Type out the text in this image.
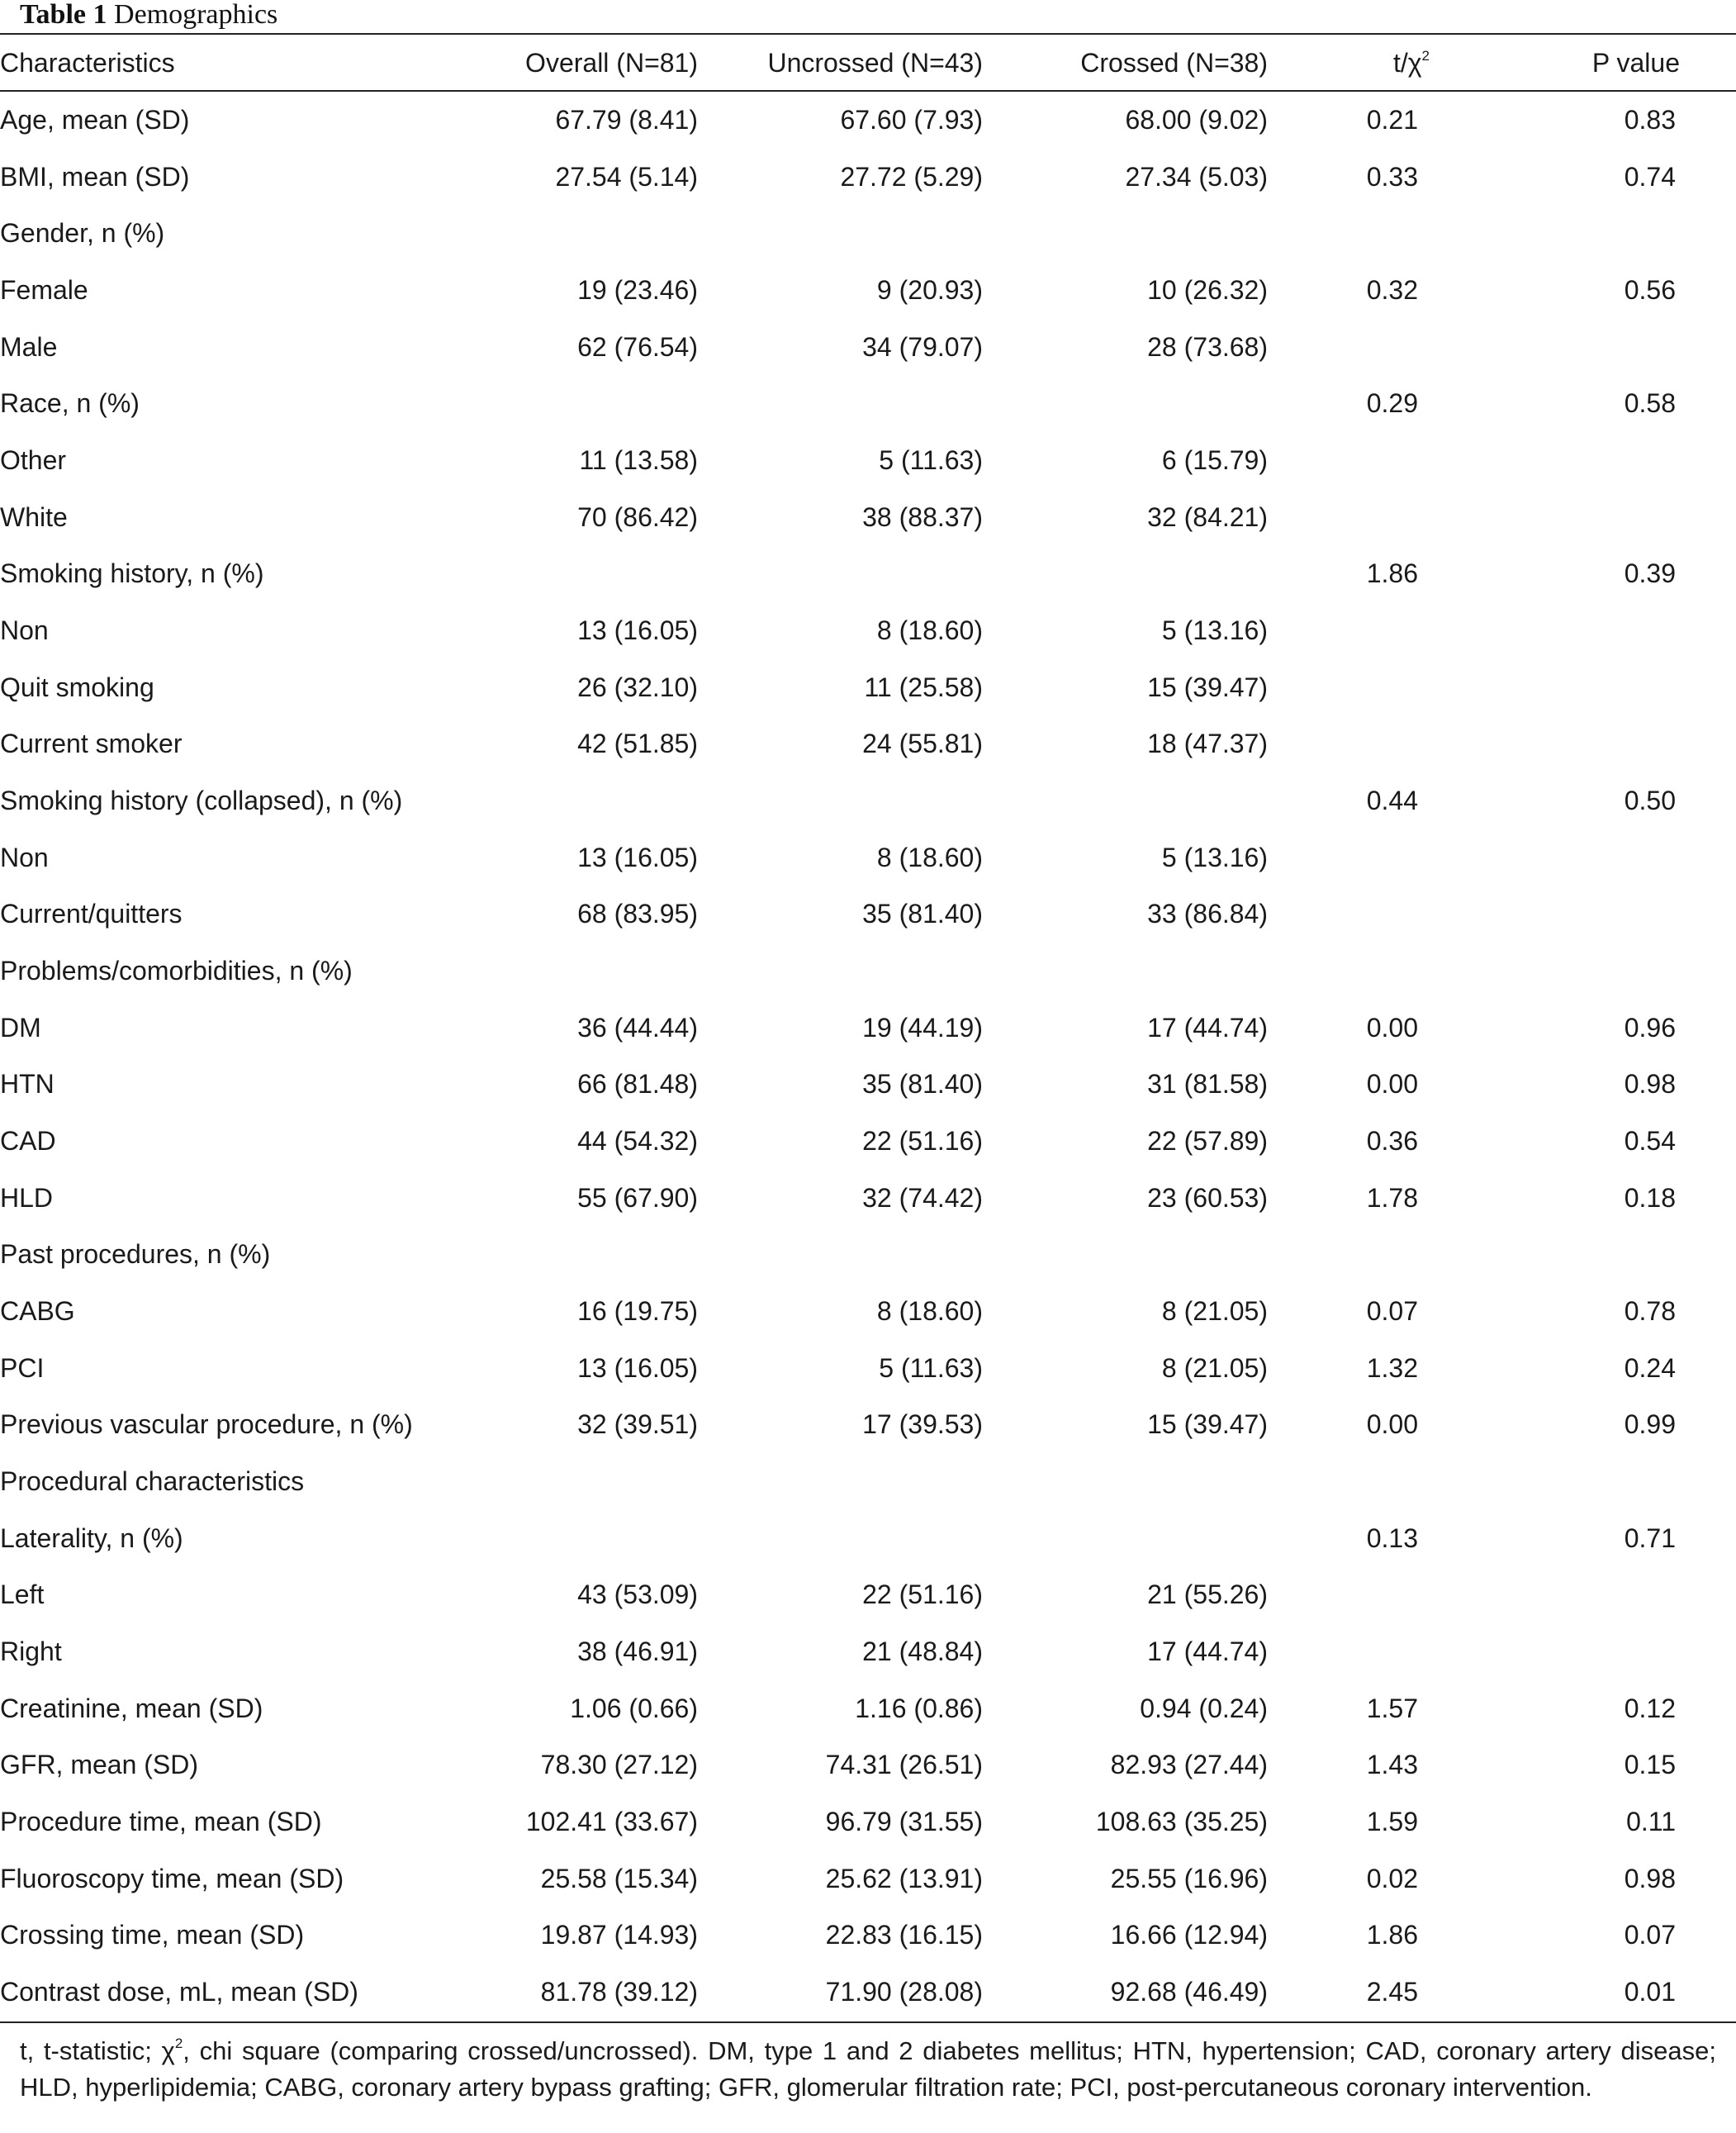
Table 1 Demographics
Characteristics	Overall (N=81)	Uncrossed (N=43)	Crossed (N=38)	$t/\chi^2$	P value
Age, mean (SD)	67.79 (8.41)	67.60 (7.93)	68.00 (9.02)	0.21	0.83
BMI, mean (SD)	27.54 (5.14)	27.72 (5.29)	27.34 (5.03)	0.33	0.74
Gender, n (%)					
Female	19 (23.46)	9 (20.93)	10 (26.32)	0.32	0.56
Male	62 (76.54)	34 (79.07)	28 (73.68)		
Race, n (%)				0.29	0.58
Other	11 (13.58)	5 (11.63)	6 (15.79)		
White	70 (86.42)	38 (88.37)	32 (84.21)		
Smoking history, n (%)				1.86	0.39
Non	13 (16.05)	8 (18.60)	5 (13.16)		
Quit smoking	26 (32.10)	11 (25.58)	15 (39.47)		
Current smoker	42 (51.85)	24 (55.81)	18 (47.37)		
Smoking history (collapsed), n (%)				0.44	0.50
Non	13 (16.05)	8 (18.60)	5 (13.16)		
Current/quitters	68 (83.95)	35 (81.40)	33 (86.84)		
Problems/comorbidities, n (%)					
DM	36 (44.44)	19 (44.19)	17 (44.74)	0.00	0.96
HTN	66 (81.48)	35 (81.40)	31 (81.58)	0.00	0.98
CAD	44 (54.32)	22 (51.16)	22 (57.89)	0.36	0.54
HLD	55 (67.90)	32 (74.42)	23 (60.53)	1.78	0.18
Past procedures, n (%)					
CABG	16 (19.75)	8 (18.60)	8 (21.05)	0.07	0.78
PCI	13 (16.05)	5 (11.63)	8 (21.05)	1.32	0.24
Previous vascular procedure, n (%)	32 (39.51)	17 (39.53)	15 (39.47)	0.00	0.99
Procedural characteristics					
Laterality, n (%)				0.13	0.71
Left	43 (53.09)	22 (51.16)	21 (55.26)		
Right	38 (46.91)	21 (48.84)	17 (44.74)		
Creatinine, mean (SD)	1.06 (0.66)	1.16 (0.86)	0.94 (0.24)	1.57	0.12
GFR, mean (SD)	78.30 (27.12)	74.31 (26.51)	82.93 (27.44)	1.43	0.15
Procedure time, mean (SD)	102.41 (33.67)	96.79 (31.55)	108.63 (35.25)	1.59	0.11
Fluoroscopy time, mean (SD)	25.58 (15.34)	25.62 (13.91)	25.55 (16.96)	0.02	0.98
Crossing time, mean (SD)	19.87 (14.93)	22.83 (16.15)	16.66 (12.94)	1.86	0.07
Contrast dose, mL, mean (SD)	81.78 (39.12)	71.90 (28.08)	92.68 (46.49)	2.45	0.01
t, t-statistic; $\chi^2$, chi square (comparing crossed/uncrossed). DM, type 1 and 2 diabetes mellitus; HTN, hypertension; CAD, coronary artery disease; HLD, hyperlipidemia; CABG, coronary artery bypass grafting; GFR, glomerular filtration rate; PCI, post-percutaneous coronary intervention.
